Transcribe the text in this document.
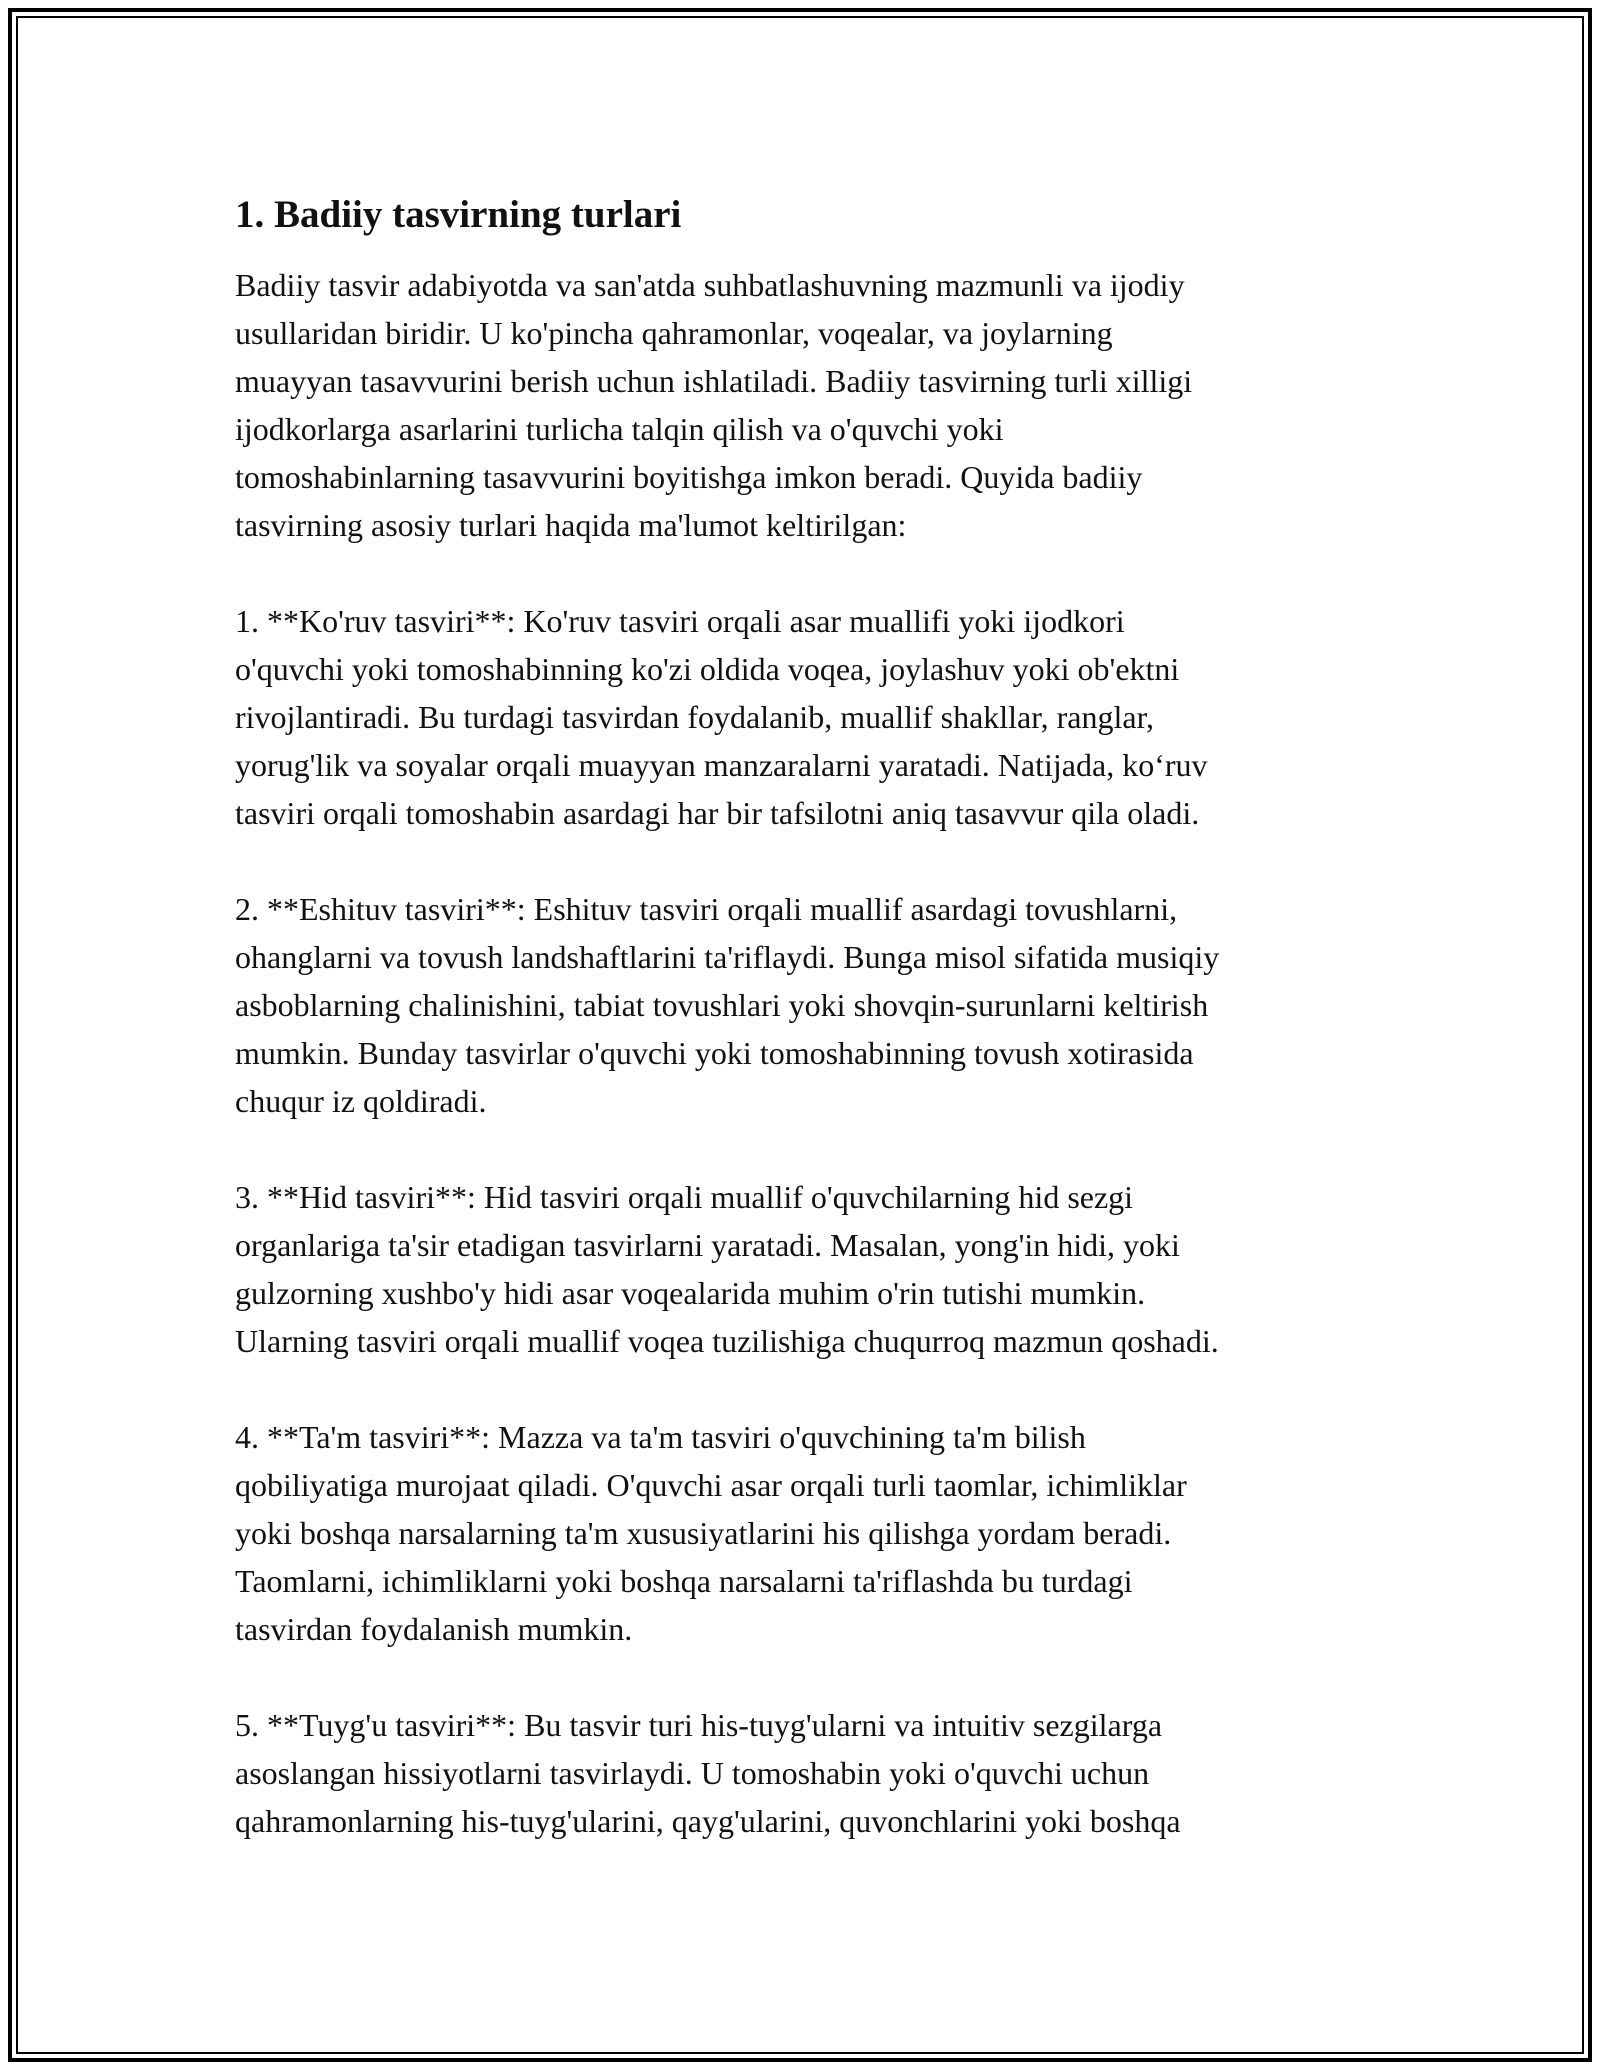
1. Badiiy tasvirning turlari

Badiiy tasvir adabiyotda va san'atda suhbatlashuvning mazmunli va ijodiy
usullaridan biridir. U ko'pincha qahramonlar, voqealar, va joylarning
muayyan tasavvurini berish uchun ishlatiladi. Badiiy tasvirning turli xilligi
ijodkorlarga asarlarini turlicha talqin qilish va o'quvchi yoki
tomoshabinlarning tasavvurini boyitishga imkon beradi. Quyida badiiy
tasvirning asosiy turlari haqida ma'lumot keltirilgan:

1. **Ko'ruv tasviri**: Ko'ruv tasviri orqali asar muallifi yoki ijodkori
o'quvchi yoki tomoshabinning ko'zi oldida voqea, joylashuv yoki ob'ektni
rivojlantiradi. Bu turdagi tasvirdan foydalanib, muallif shakllar, ranglar,
yorug'lik va soyalar orqali muayyan manzaralarni yaratadi. Natijada, ko‘ruv
tasviri orqali tomoshabin asardagi har bir tafsilotni aniq tasavvur qila oladi.

2. **Eshituv tasviri**: Eshituv tasviri orqali muallif asardagi tovushlarni,
ohanglarni va tovush landshaftlarini ta'riflaydi. Bunga misol sifatida musiqiy
asboblarning chalinishini, tabiat tovushlari yoki shovqin-surunlarni keltirish
mumkin. Bunday tasvirlar o'quvchi yoki tomoshabinning tovush xotirasida
chuqur iz qoldiradi.

3. **Hid tasviri**: Hid tasviri orqali muallif o'quvchilarning hid sezgi
organlariga ta'sir etadigan tasvirlarni yaratadi. Masalan, yong'in hidi, yoki
gulzorning xushbo'y hidi asar voqealarida muhim o'rin tutishi mumkin.
Ularning tasviri orqali muallif voqea tuzilishiga chuqurroq mazmun qoshadi.

4. **Ta'm tasviri**: Mazza va ta'm tasviri o'quvchining ta'm bilish
qobiliyatiga murojaat qiladi. O'quvchi asar orqali turli taomlar, ichimliklar
yoki boshqa narsalarning ta'm xususiyatlarini his qilishga yordam beradi.
Taomlarni, ichimliklarni yoki boshqa narsalarni ta'riflashda bu turdagi
tasvirdan foydalanish mumkin.

5. **Tuyg'u tasviri**: Bu tasvir turi his-tuyg'ularni va intuitiv sezgilarga
asoslangan hissiyotlarni tasvirlaydi. U tomoshabin yoki o'quvchi uchun
qahramonlarning his-tuyg'ularini, qayg'ularini, quvonchlarini yoki boshqa
